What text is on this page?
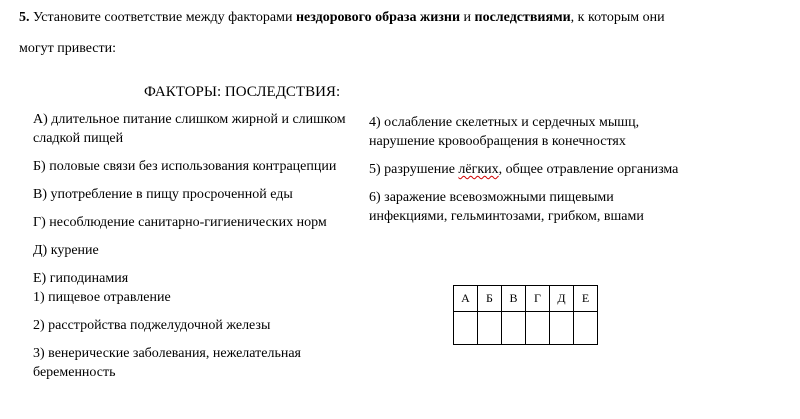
5. Установите соответствие между факторами нездорового образа жизни и последствиями, к которым они
могут привести:
ФАКТОРЫ: ПОСЛЕДСТВИЯ:
А) длительное питание слишком жирной и слишком сладкой пищей
Б) половые связи без использования контрацепции
В) употребление в пищу просроченной еды
Г) несоблюдение санитарно-гигиенических норм
Д) курение
Е) гиподинамия
1) пищевое отравление
2) расстройства поджелудочной железы
3) венерические заболевания, нежелательная беременность
4) ослабление скелетных и сердечных мышц, нарушение кровообращения в конечностях
5) разрушение лёгких, общее отравление организма
6) заражение всевозможными пищевыми инфекциями, гельминтозами, грибком, вшами
А	Б	В	Г	Д	Е
